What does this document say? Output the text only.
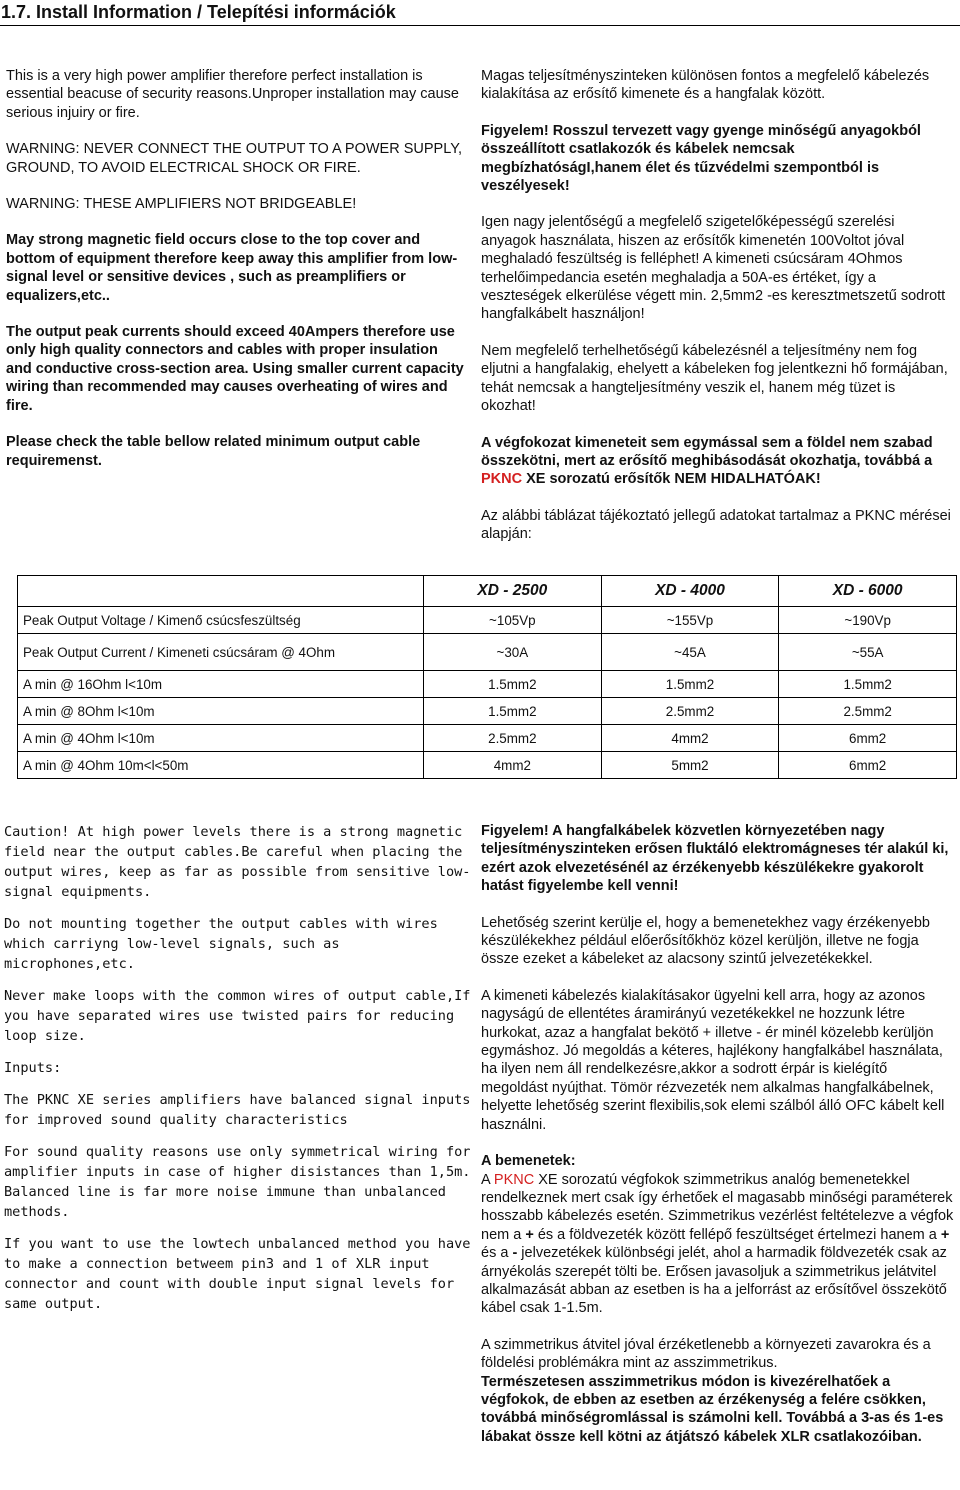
1.7. Install Information / Telepítési információk

This is a very high power amplifier therefore perfect installation is essential beacuse of security reasons.Unproper installation may cause serious injuiry or fire.

WARNING: NEVER CONNECT THE OUTPUT TO A POWER SUPPLY, GROUND, TO AVOID ELECTRICAL SHOCK OR FIRE.

WARNING: THESE AMPLIFIERS NOT BRIDGEABLE!

May strong magnetic field occurs close to the top cover and bottom of equipment therefore keep away this amplifier from low-signal level or sensitive devices , such as preamplifiers or equalizers,etc..

The output peak currents should exceed 40Ampers therefore use only high quality connectors and cables with proper insulation and conductive cross-section area. Using smaller current capacity wiring than recommended may causes overheating of wires and fire.

Please check the table bellow related minimum output cable requiremenst.

Magas teljesítményszinteken különösen fontos a megfelelő kábelezés kialakítása az erősítő kimenete és a hangfalak között.

Figyelem! Rosszul tervezett vagy gyenge minőségű anyagokból összeállított csatlakozók és kábelek nemcsak megbízhatóságI,hanem élet és tűzvédelmi szempontból is veszélyesek!

Igen nagy jelentőségű a megfelelő szigetelőképességű szerelési anyagok használata, hiszen az erősítők kimenetén 100Voltot jóval meghaladó feszültség is felléphet! A kimeneti csúcsáram 4Ohmos terhelőimpedancia esetén meghaladja a 50A-es értéket, így a veszteségek elkerülése végett min. 2,5mm2 -es keresztmetszetű sodrott hangfalkábelt használjon!

Nem megfelelő terhelhetőségű kábelezésnél a teljesítmény nem fog eljutni a hangfalakig, ehelyett a kábeleken fog jelentkezni hő formájában, tehát nemcsak a hangteljesítmény veszik el, hanem még tüzet is okozhat!

A végfokozat kimeneteit sem egymással sem a földel nem szabad összekötni, mert az erősítő meghibásodását okozhatja, továbbá a PKNC XE sorozatú erősítők NEM HIDALHATÓAK!

Az alábbi táblázat tájékoztató jellegű adatokat tartalmaz a PKNC mérései alapján:

	XD - 2500	XD - 4000	XD - 6000
Peak Output Voltage / Kimenő csúcsfeszültség	~105Vp	~155Vp	~190Vp
Peak Output Current / Kimeneti csúcsáram @ 4Ohm	~30A	~45A	~55A
A min @ 16Ohm l<10m	1.5mm2	1.5mm2	1.5mm2
A min @ 8Ohm l<10m	1.5mm2	2.5mm2	2.5mm2
A min @ 4Ohm l<10m	2.5mm2	4mm2	6mm2
A min @ 4Ohm 10m<l<50m	4mm2	5mm2	6mm2

Caution! At high power levels there is a strong magnetic field near the output cables.Be careful when placing the output wires, keep as far as possible from sensitive low-signal equipments.

Do not mounting together the output cables with wires which carriyng low-level signals, such as microphones,etc.

Never make loops with the common wires of output cable,If you have separated wires use twisted pairs for reducing loop size.

Inputs:

The PKNC XE series amplifiers have balanced signal inputs for improved sound quality characteristics

For sound quality reasons use only symmetrical wiring for amplifier inputs in case of higher disistances than 1,5m. Balanced line is far more noise immune than unbalanced methods.

If you want to use the lowtech unbalanced method you have to make a connection betweem pin3 and 1 of XLR input connector and count with double input signal levels for same output.

Figyelem! A hangfalkábelek közvetlen környezetében nagy teljesítményszinteken erősen fluktáló elektromágneses tér alakúl ki, ezért azok elvezetésénél az érzékenyebb készülékekre gyakorolt hatást figyelembe kell venni!

Lehetőség szerint kerülje el, hogy a bemenetekhez vagy érzékenyebb készülékekhez például előerősítőkhöz közel kerüljön, illetve ne fogja össze ezeket a kábeleket az alacsony szintű jelvezetékekkel.

A kimeneti kábelezés kialakításakor ügyelni kell arra, hogy az azonos nagyságú de ellentétes áramirányú vezetékekkel ne hozzunk létre hurkokat, azaz a hangfalat bekötő + illetve - ér minél közelebb kerüljön egymáshoz. Jó megoldás a kéteres, hajlékony hangfalkábel használata, ha ilyen nem áll rendelkezésre,akkor a sodrott érpár is kielégítő megoldást nyújthat. Tömör rézvezeték nem alkalmas hangfalkábelnek, helyette lehetőség szerint flexibilis,sok elemi szálból álló OFC kábelt kell használni.

A bemenetek:

A PKNC XE sorozatú végfokok szimmetrikus analóg bemenetekkel rendelkeznek mert csak így érhetőek el magasabb minőségi paraméterek hosszabb kábelezés esetén. Szimmetrikus vezérlést feltételezve a végfok nem a + és a földvezeték között fellépő feszültséget értelmezi hanem a + és a - jelvezetékek különbségi jelét, ahol a harmadik földvezeték csak az árnyékolás szerepét tölti be. Erősen javasoljuk a szimmetrikus jelátvitel alkalmazását abban az esetben is ha a jelforrást az erősítővel összekötő kábel csak 1-1.5m.

A szimmetrikus átvitel jóval érzéketlenebb a környezeti zavarokra és a földelési problémákra mint az asszimmetrikus.

Természetesen asszimmetrikus módon is kivezérelhatőek a végfokok, de ebben az esetben az érzékenység a felére csökken, továbbá minőségromlással is számolni kell. Továbbá a 3-as és 1-es lábakat össze kell kötni az átjátszó kábelek XLR csatlakozóiban.
